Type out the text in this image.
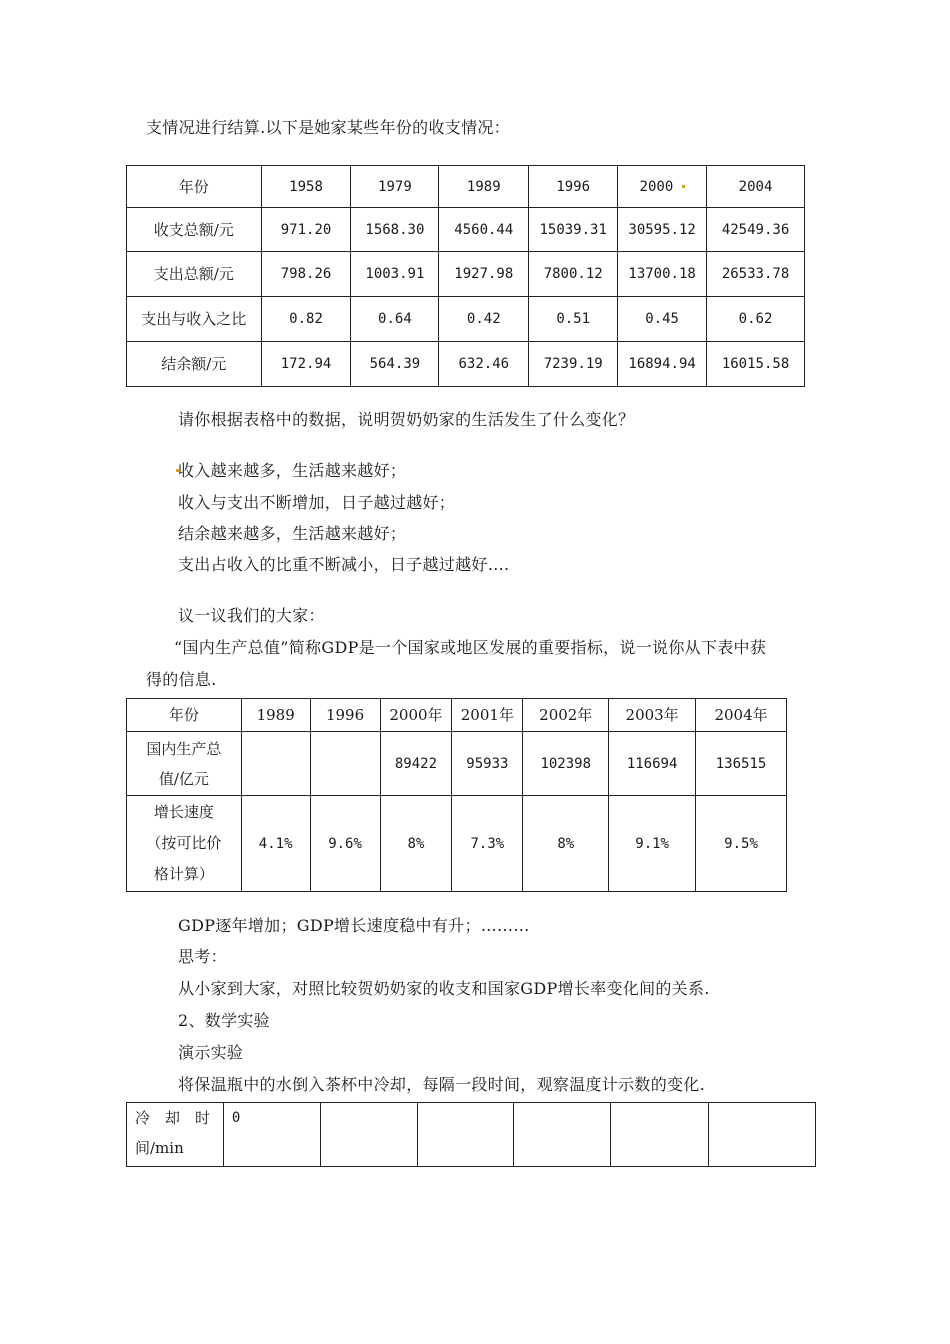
支情况进行结算.以下是她家某些年份的收支情况：
年份	1958	1979	1989	1996	2000	2004
收支总额/元	971.20	1568.30	4560.44	15039.31	30595.12	42549.36
支出总额/元	798.26	1003.91	1927.98	7800.12	13700.18	26533.78
支出与收入之比	0.82	0.64	0.42	0.51	0.45	0.62
结余额/元	172.94	564.39	632.46	7239.19	16894.94	16015.58
请你根据表格中的数据，说明贺奶奶家的生活发生了什么变化？
收入越来越多，生活越来越好；
收入与支出不断增加，日子越过越好；
结余越来越多，生活越来越好；
支出占收入的比重不断减小，日子越过越好….
议一议我们的大家：
“国内生产总值”简称GDP是一个国家或地区发展的重要指标，说一说你从下表中获
得的信息.
年份	1989	1996	2000年	2001年	2002年	2003年	2004年

国内生产总
值/亿元			89422	95933	102398	116694	136515

增长速度
（按可比价
格计算）	4.1%	9.6%	8%	7.3%	8%	9.1%	9.5%
GDP逐年增加；GDP增长速度稳中有升；………
思考：
从小家到大家，对照比较贺奶奶家的收支和国家GDP增长率变化间的关系.
2、数学实验
演示实验
将保温瓶中的水倒入茶杯中冷却，每隔一段时间，观察温度计示数的变化.
冷　却　时
间/min
	0					
